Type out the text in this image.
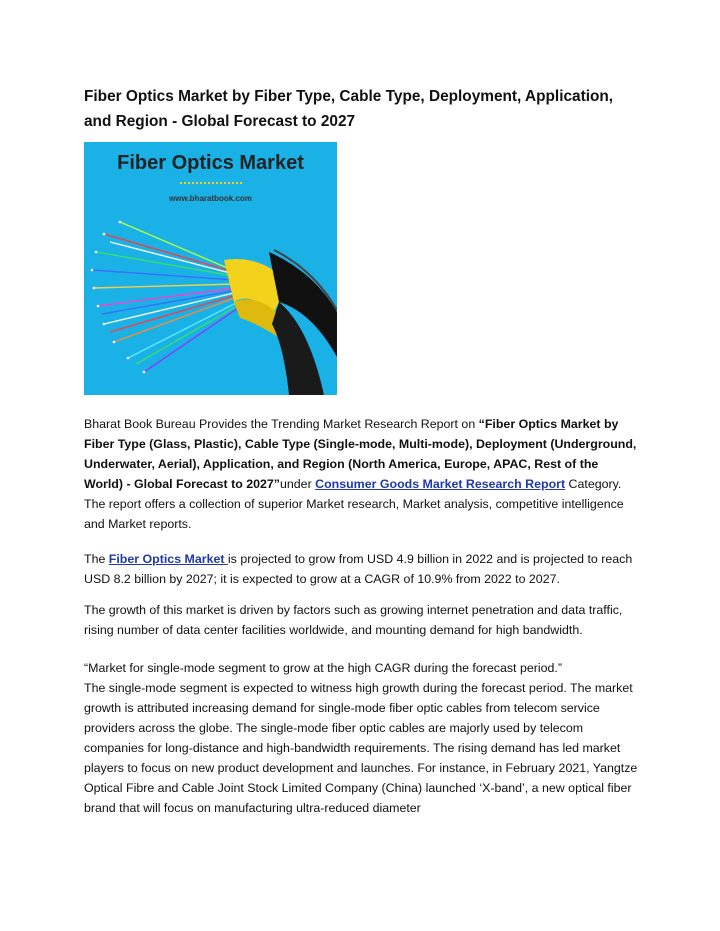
Fiber Optics Market by Fiber Type, Cable Type, Deployment, Application, and Region - Global Forecast to 2027
Fiber Optics Market
www.bharatbook.com

Bharat Book Bureau Provides the Trending Market Research Report on “Fiber Optics Market by Fiber Type (Glass, Plastic), Cable Type (Single-mode, Multi-mode), Deployment (Underground, Underwater, Aerial), Application, and Region (North America, Europe, APAC, Rest of the World) - Global Forecast to 2027”under Consumer Goods Market Research Report Category. The report offers a collection of superior Market research, Market analysis, competitive intelligence and Market reports.

The Fiber Optics Market is projected to grow from USD 4.9 billion in 2022 and is projected to reach USD 8.2 billion by 2027; it is expected to grow at a CAGR of 10.9% from 2022 to 2027.

The growth of this market is driven by factors such as growing internet penetration and data traffic, rising number of data center facilities worldwide, and mounting demand for high bandwidth.

“Market for single-mode segment to grow at the high CAGR during the forecast period.”
The single-mode segment is expected to witness high growth during the forecast period. The market growth is attributed increasing demand for single-mode fiber optic cables from telecom service providers across the globe. The single-mode fiber optic cables are majorly used by telecom companies for long-distance and high-bandwidth requirements. The rising demand has led market players to focus on new product development and launches. For instance, in February 2021, Yangtze Optical Fibre and Cable Joint Stock Limited Company (China) launched ‘X-band’, a new optical fiber brand that will focus on manufacturing ultra-reduced diameter
